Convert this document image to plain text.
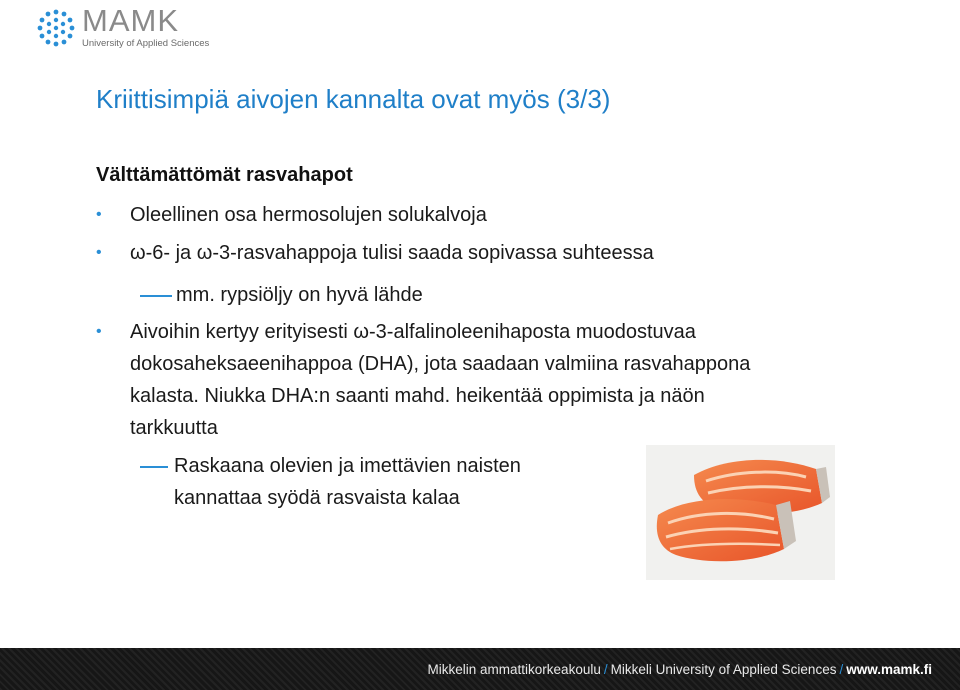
MAMK
University of Applied Sciences
Kriittisimpiä aivojen kannalta ovat myös (3/3)
Välttämättömät rasvahapot
• Oleellinen osa hermosolujen solukalvoja
• ω-6- ja ω-3-rasvahappoja tulisi saada sopivassa suhteessa
mm. rypsiöljy on hyvä lähde
• Aivoihin kertyy erityisesti ω-3-alfalinoleenihaposta muodostuvaa dokosaheksaeenihappoa (DHA), jota saadaan valmiina rasvahappona kalasta. Niukka DHA:n saanti mahd. heikentää oppimista ja näön tarkkuutta
Raskaana olevien ja imettävien naisten
kannattaa syödä rasvaista kalaa
Mikkelin ammattikorkeakoulu / Mikkeli University of Applied Sciences / www.mamk.fi
